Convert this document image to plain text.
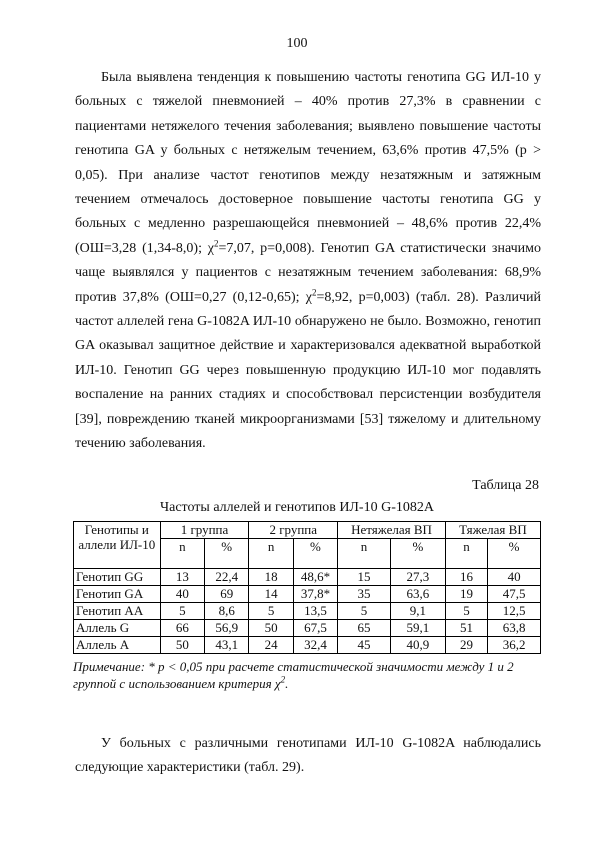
100

Была выявлена тенденция к повышению частоты генотипа GG ИЛ-10 у больных с тяжелой пневмонией – 40% против 27,3% в сравнении с пациентами нетяжелого течения заболевания; выявлено повышение частоты генотипа GA у больных с нетяжелым течением, 63,6% против 47,5% (р > 0,05). При анализе частот генотипов между незатяжным и затяжным течением отмечалось достоверное повышение частоты генотипа GG у больных с медленно разрешающейся пневмонией – 48,6% против 22,4% (ОШ=3,28 (1,34-8,0); $\chi^2=7,07$, р=0,008). Генотип GA статистически значимо чаще выявлялся у пациентов с незатяжным течением заболевания: 68,9% против 37,8% (ОШ=0,27 (0,12-0,65); $\chi^2=8,92$, р=0,003) (табл. 28). Различий частот аллелей гена G-1082A ИЛ-10 обнаружено не было. Возможно, генотип GA оказывал защитное действие и характеризовался адекватной выработкой ИЛ-10. Генотип GG через повышенную продукцию ИЛ-10 мог подавлять воспаление на ранних стадиях и способствовал персистенции возбудителя [39], повреждению тканей микроорганизмами [53] тяжелому и длительному течению заболевания.

Таблица 28
Частоты аллелей и генотипов ИЛ-10 G-1082A
Генотипы и аллели ИЛ-10	1 группа		2 группа		Нетяжелая ВП		Тяжелая ВП	
	n	%	n	%	n	%	n	%
Генотип GG	13	22,4	18	48,6*	15	27,3	16	40
Генотип GA	40	69	14	37,8*	35	63,6	19	47,5
Генотип AA	5	8,6	5	13,5	5	9,1	5	12,5
Аллель G	66	56,9	50	67,5	65	59,1	51	63,8
Аллель А	50	43,1	24	32,4	45	40,9	29	36,2
Примечание: * р < 0,05 при расчете статистической значимости между 1 и 2 группой с использованием критерия $\chi^2$.

У больных с различными генотипами ИЛ-10 G-1082A наблюдались следующие характеристики (табл. 29).
